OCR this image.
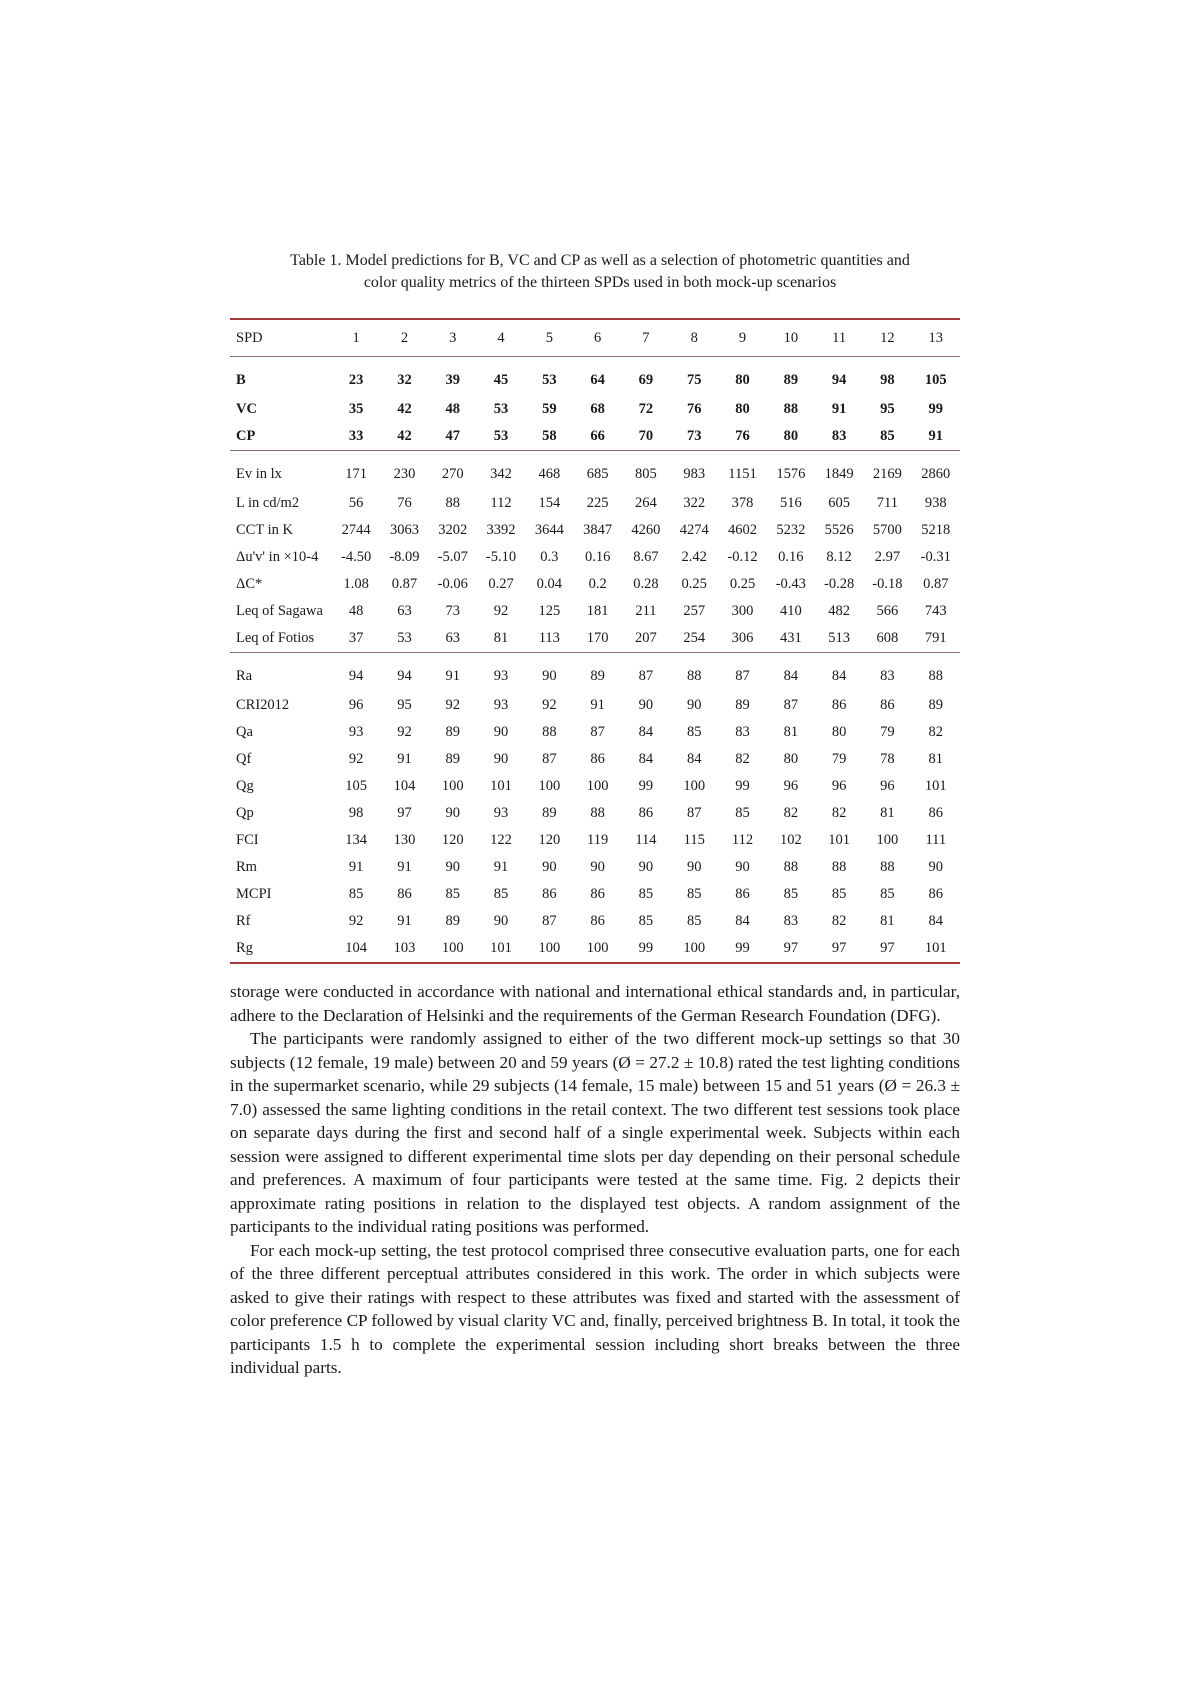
Table 1. Model predictions for B, VC and CP as well as a selection of photometric quantities and color quality metrics of the thirteen SPDs used in both mock-up scenarios
SPD	1	2	3	4	5	6	7	8	9	10	11	12	13
B	23	32	39	45	53	64	69	75	80	89	94	98	105
VC	35	42	48	53	59	68	72	76	80	88	91	95	99
CP	33	42	47	53	58	66	70	73	76	80	83	85	91
Ev in lx	171	230	270	342	468	685	805	983	1151	1576	1849	2169	2860
L in cd/m2	56	76	88	112	154	225	264	322	378	516	605	711	938
CCT in K	2744	3063	3202	3392	3644	3847	4260	4274	4602	5232	5526	5700	5218
Δu'v' in ×10-4	-4.50	-8.09	-5.07	-5.10	0.3	0.16	8.67	2.42	-0.12	0.16	8.12	2.97	-0.31
ΔC*	1.08	0.87	-0.06	0.27	0.04	0.2	0.28	0.25	0.25	-0.43	-0.28	-0.18	0.87
Leq of Sagawa	48	63	73	92	125	181	211	257	300	410	482	566	743
Leq of Fotios	37	53	63	81	113	170	207	254	306	431	513	608	791
Ra	94	94	91	93	90	89	87	88	87	84	84	83	88
CRI2012	96	95	92	93	92	91	90	90	89	87	86	86	89
Qa	93	92	89	90	88	87	84	85	83	81	80	79	82
Qf	92	91	89	90	87	86	84	84	82	80	79	78	81
Qg	105	104	100	101	100	100	99	100	99	96	96	96	101
Qp	98	97	90	93	89	88	86	87	85	82	82	81	86
FCI	134	130	120	122	120	119	114	115	112	102	101	100	111
Rm	91	91	90	91	90	90	90	90	90	88	88	88	90
MCPI	85	86	85	85	86	86	85	85	86	85	85	85	86
Rf	92	91	89	90	87	86	85	85	84	83	82	81	84
Rg	104	103	100	101	100	100	99	100	99	97	97	97	101

storage were conducted in accordance with national and international ethical standards and, in particular, adhere to the Declaration of Helsinki and the requirements of the German Research Foundation (DFG).

The participants were randomly assigned to either of the two different mock-up settings so that 30 subjects (12 female, 19 male) between 20 and 59 years (Ø = 27.2 ± 10.8) rated the test lighting conditions in the supermarket scenario, while 29 subjects (14 female, 15 male) between 15 and 51 years (Ø = 26.3 ± 7.0) assessed the same lighting conditions in the retail context. The two different test sessions took place on separate days during the first and second half of a single experimental week. Subjects within each session were assigned to different experimental time slots per day depending on their personal schedule and preferences. A maximum of four participants were tested at the same time. Fig. 2 depicts their approximate rating positions in relation to the displayed test objects. A random assignment of the participants to the individual rating positions was performed.

For each mock-up setting, the test protocol comprised three consecutive evaluation parts, one for each of the three different perceptual attributes considered in this work. The order in which subjects were asked to give their ratings with respect to these attributes was fixed and started with the assessment of color preference CP followed by visual clarity VC and, finally, perceived brightness B. In total, it took the participants 1.5 h to complete the experimental session including short breaks between the three individual parts.
